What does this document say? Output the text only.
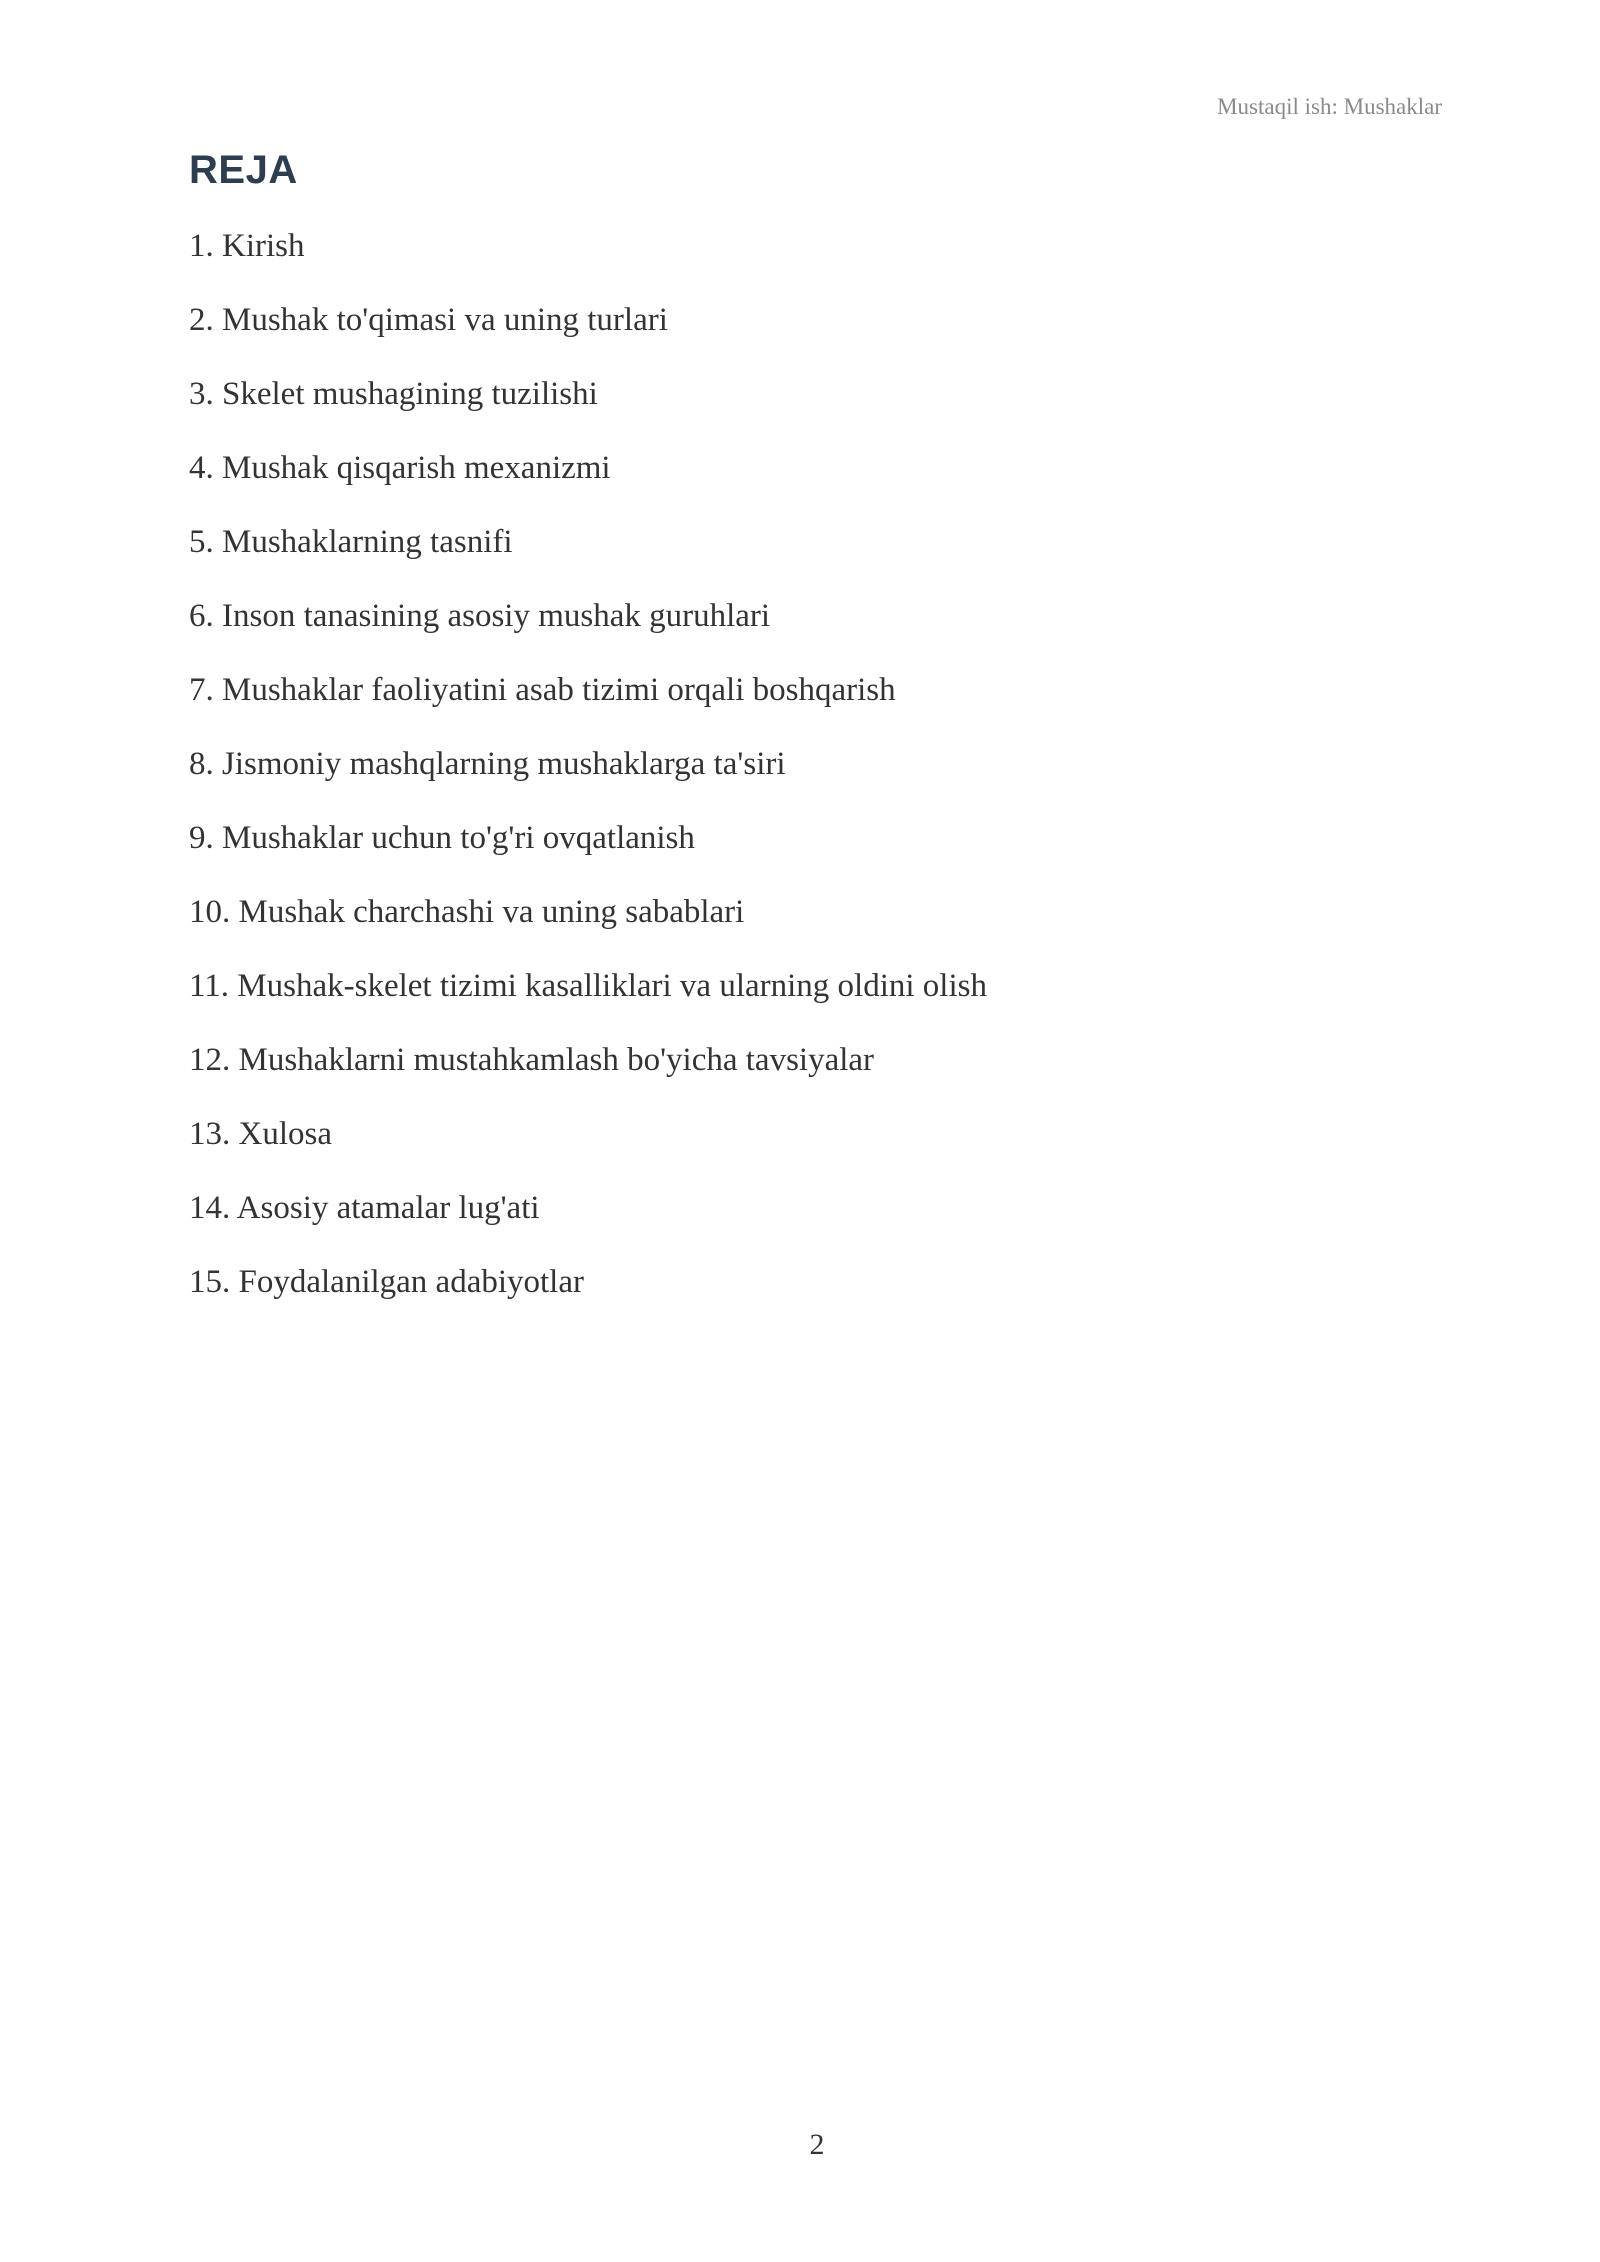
Mustaqil ish: Mushaklar
REJA
1. Kirish
2. Mushak to'qimasi va uning turlari
3. Skelet mushagining tuzilishi
4. Mushak qisqarish mexanizmi
5. Mushaklarning tasnifi
6. Inson tanasining asosiy mushak guruhlari
7. Mushaklar faoliyatini asab tizimi orqali boshqarish
8. Jismoniy mashqlarning mushaklarga ta'siri
9. Mushaklar uchun to'g'ri ovqatlanish
10. Mushak charchashi va uning sabablari
11. Mushak-skelet tizimi kasalliklari va ularning oldini olish
12. Mushaklarni mustahkamlash bo'yicha tavsiyalar
13. Xulosa
14. Asosiy atamalar lug'ati
15. Foydalanilgan adabiyotlar
2
